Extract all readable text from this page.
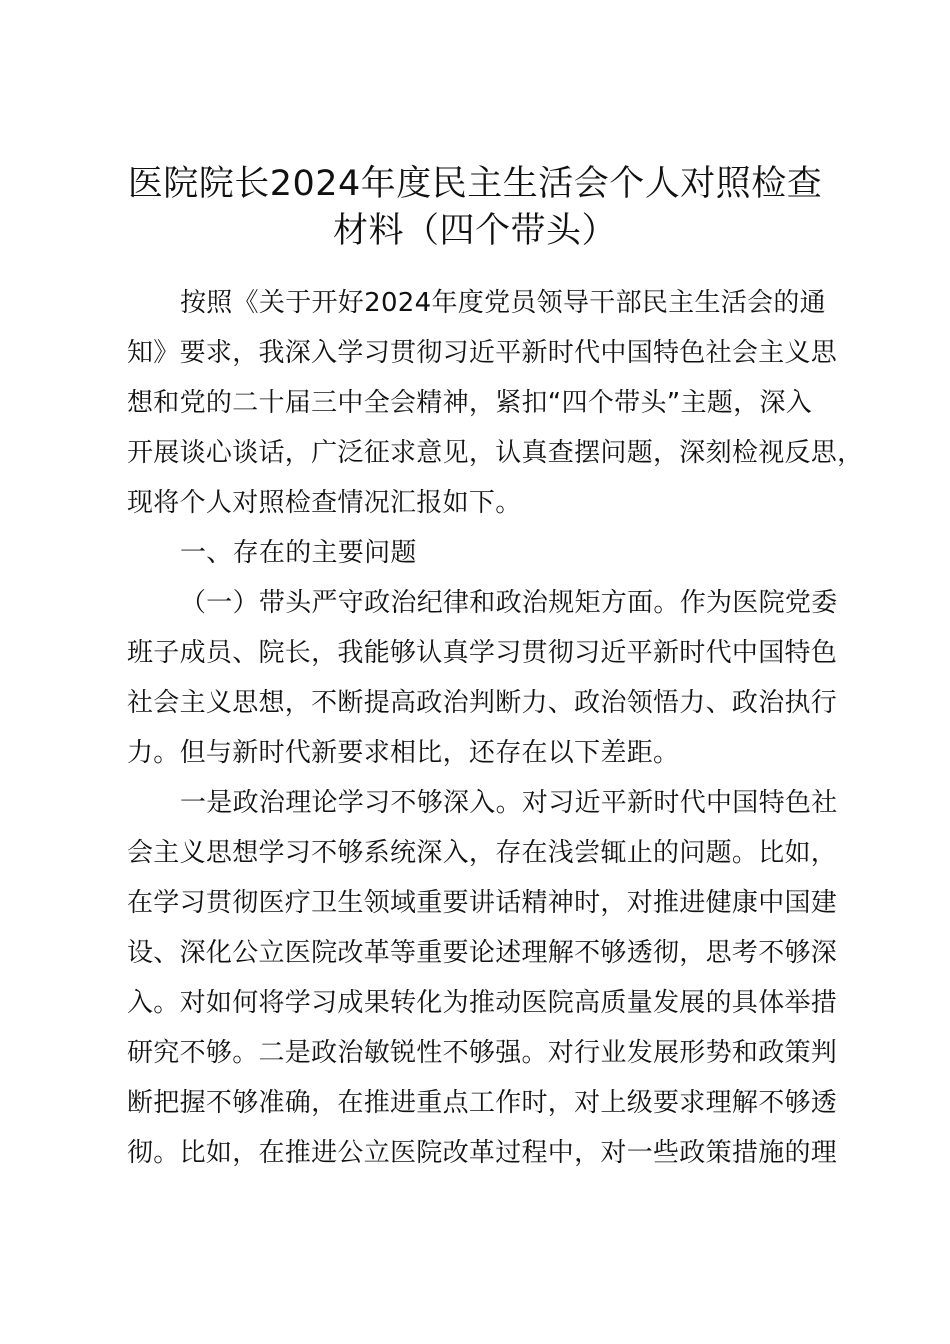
医院院长2024年度民主生活会个人对照检查
材料（四个带头）
按照《关于开好2024年度党员领导干部民主生活会的通
知》要求，我深入学习贯彻习近平新时代中国特色社会主义思
想和党的二十届三中全会精神，紧扣“四个带头”主题，深入
开展谈心谈话，广泛征求意见，认真查摆问题，深刻检视反思，
现将个人对照检查情况汇报如下。
一、存在的主要问题
（一）带头严守政治纪律和政治规矩方面。作为医院党委
班子成员、院长，我能够认真学习贯彻习近平新时代中国特色
社会主义思想，不断提高政治判断力、政治领悟力、政治执行
力。但与新时代新要求相比，还存在以下差距。
一是政治理论学习不够深入。对习近平新时代中国特色社
会主义思想学习不够系统深入，存在浅尝辄止的问题。比如，
在学习贯彻医疗卫生领域重要讲话精神时，对推进健康中国建
设、深化公立医院改革等重要论述理解不够透彻，思考不够深
入。对如何将学习成果转化为推动医院高质量发展的具体举措
研究不够。二是政治敏锐性不够强。对行业发展形势和政策判
断把握不够准确，在推进重点工作时，对上级要求理解不够透
彻。比如，在推进公立医院改革过程中，对一些政策措施的理
